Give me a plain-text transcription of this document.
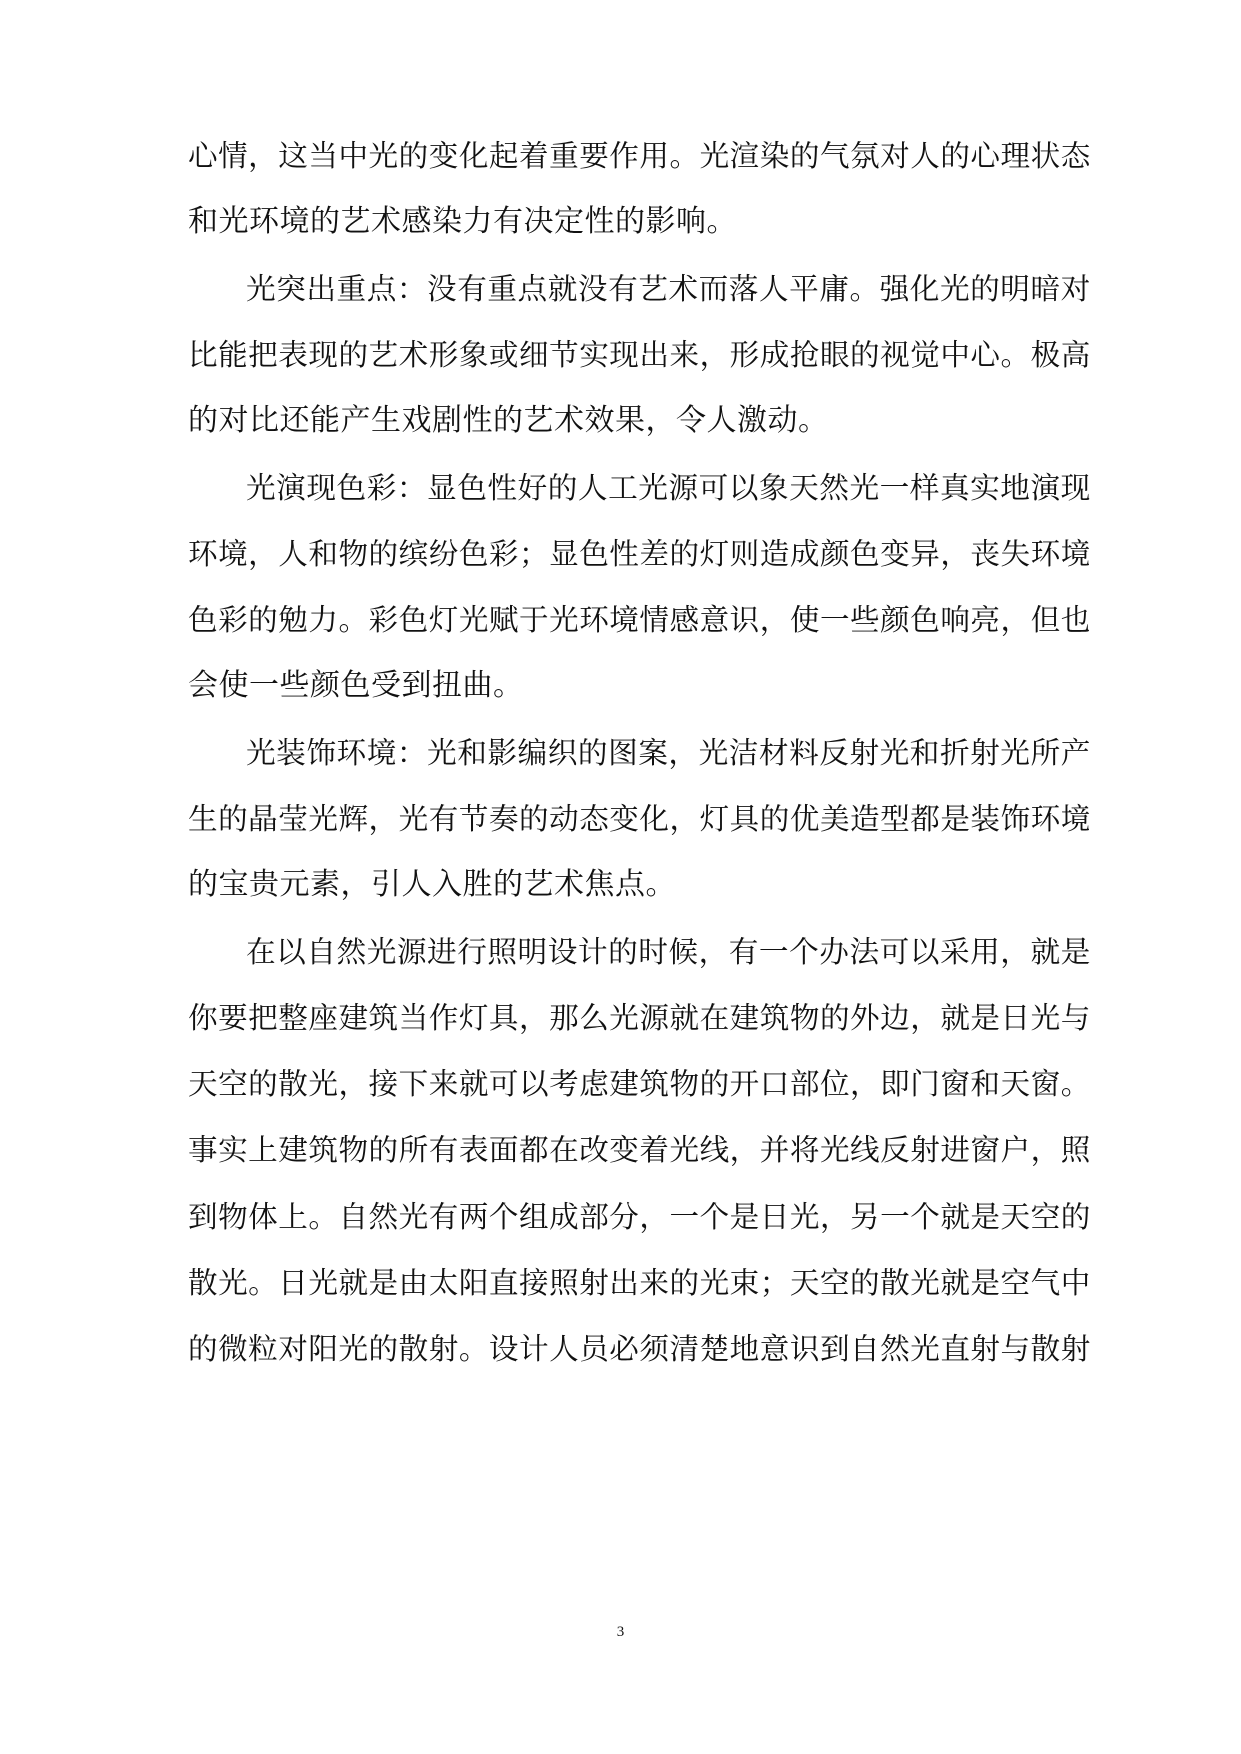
心情，这当中光的变化起着重要作用。光渲染的气氛对人的心理状态
和光环境的艺术感染力有决定性的影响。
光突出重点：没有重点就没有艺术而落人平庸。强化光的明暗对
比能把表现的艺术形象或细节实现出来，形成抢眼的视觉中心。极高
的对比还能产生戏剧性的艺术效果，令人激动。
光演现色彩：显色性好的人工光源可以象天然光一样真实地演现
环境，人和物的缤纷色彩；显色性差的灯则造成颜色变异，丧失环境
色彩的勉力。彩色灯光赋于光环境情感意识，使一些颜色响亮，但也
会使一些颜色受到扭曲。
光装饰环境：光和影编织的图案，光洁材料反射光和折射光所产
生的晶莹光辉，光有节奏的动态变化，灯具的优美造型都是装饰环境
的宝贵元素，引人入胜的艺术焦点。
在以自然光源进行照明设计的时候，有一个办法可以采用，就是
你要把整座建筑当作灯具，那么光源就在建筑物的外边，就是日光与
天空的散光，接下来就可以考虑建筑物的开口部位，即门窗和天窗。
事实上建筑物的所有表面都在改变着光线，并将光线反射进窗户，照
到物体上。自然光有两个组成部分，一个是日光，另一个就是天空的
散光。日光就是由太阳直接照射出来的光束；天空的散光就是空气中
的微粒对阳光的散射。设计人员必须清楚地意识到自然光直射与散射
3
